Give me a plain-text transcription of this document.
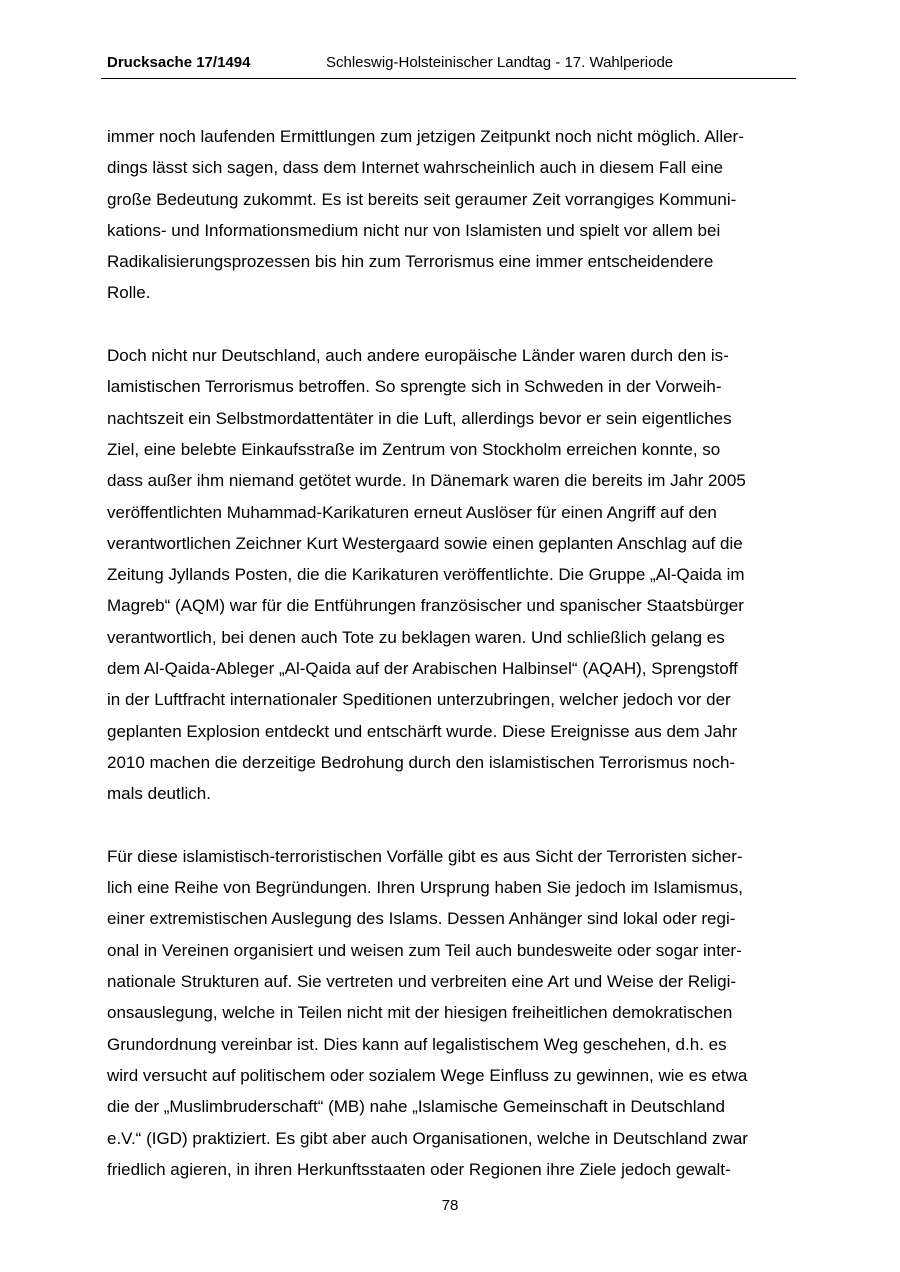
Drucksache 17/1494	Schleswig-Holsteinischer Landtag - 17. Wahlperiode
immer noch laufenden Ermittlungen zum jetzigen Zeitpunkt noch nicht möglich. Aller-
dings lässt sich sagen, dass dem Internet wahrscheinlich auch in diesem Fall eine
große Bedeutung zukommt. Es ist bereits seit geraumer Zeit vorrangiges Kommuni-
kations- und Informationsmedium nicht nur von Islamisten und spielt vor allem bei
Radikalisierungsprozessen bis hin zum Terrorismus eine immer entscheidendere
Rolle.
Doch nicht nur Deutschland, auch andere europäische Länder waren durch den is-
lamistischen Terrorismus betroffen. So sprengte sich in Schweden in der Vorweih-
nachtszeit ein Selbstmordattentäter in die Luft, allerdings bevor er sein eigentliches
Ziel, eine belebte Einkaufsstraße im Zentrum von Stockholm erreichen konnte, so
dass außer ihm niemand getötet wurde. In Dänemark waren die bereits im Jahr 2005
veröffentlichten Muhammad-Karikaturen erneut Auslöser für einen Angriff auf den
verantwortlichen Zeichner Kurt Westergaard sowie einen geplanten Anschlag auf die
Zeitung Jyllands Posten, die die Karikaturen veröffentlichte. Die Gruppe „Al-Qaida im
Magreb“ (AQM) war für die Entführungen französischer und spanischer Staatsbürger
verantwortlich, bei denen auch Tote zu beklagen waren. Und schließlich gelang es
dem Al-Qaida-Ableger „Al-Qaida auf der Arabischen Halbinsel“ (AQAH), Sprengstoff
in der Luftfracht internationaler Speditionen unterzubringen, welcher jedoch vor der
geplanten Explosion entdeckt und entschärft wurde. Diese Ereignisse aus dem Jahr
2010 machen die derzeitige Bedrohung durch den islamistischen Terrorismus noch-
mals deutlich.
Für diese islamistisch-terroristischen Vorfälle gibt es aus Sicht der Terroristen sicher-
lich eine Reihe von Begründungen. Ihren Ursprung haben Sie jedoch im Islamismus,
einer extremistischen Auslegung des Islams. Dessen Anhänger sind lokal oder regi-
onal in Vereinen organisiert und weisen zum Teil auch bundesweite oder sogar inter-
nationale Strukturen auf. Sie vertreten und verbreiten eine Art und Weise der Religi-
onsauslegung, welche in Teilen nicht mit der hiesigen freiheitlichen demokratischen
Grundordnung vereinbar ist. Dies kann auf legalistischem Weg geschehen, d.h. es
wird versucht auf politischem oder sozialem Wege Einfluss zu gewinnen, wie es etwa
die der „Muslimbruderschaft“ (MB) nahe „Islamische Gemeinschaft in Deutschland
e.V.“ (IGD) praktiziert. Es gibt aber auch Organisationen, welche in Deutschland zwar
friedlich agieren, in ihren Herkunftsstaaten oder Regionen ihre Ziele jedoch gewalt-
78
